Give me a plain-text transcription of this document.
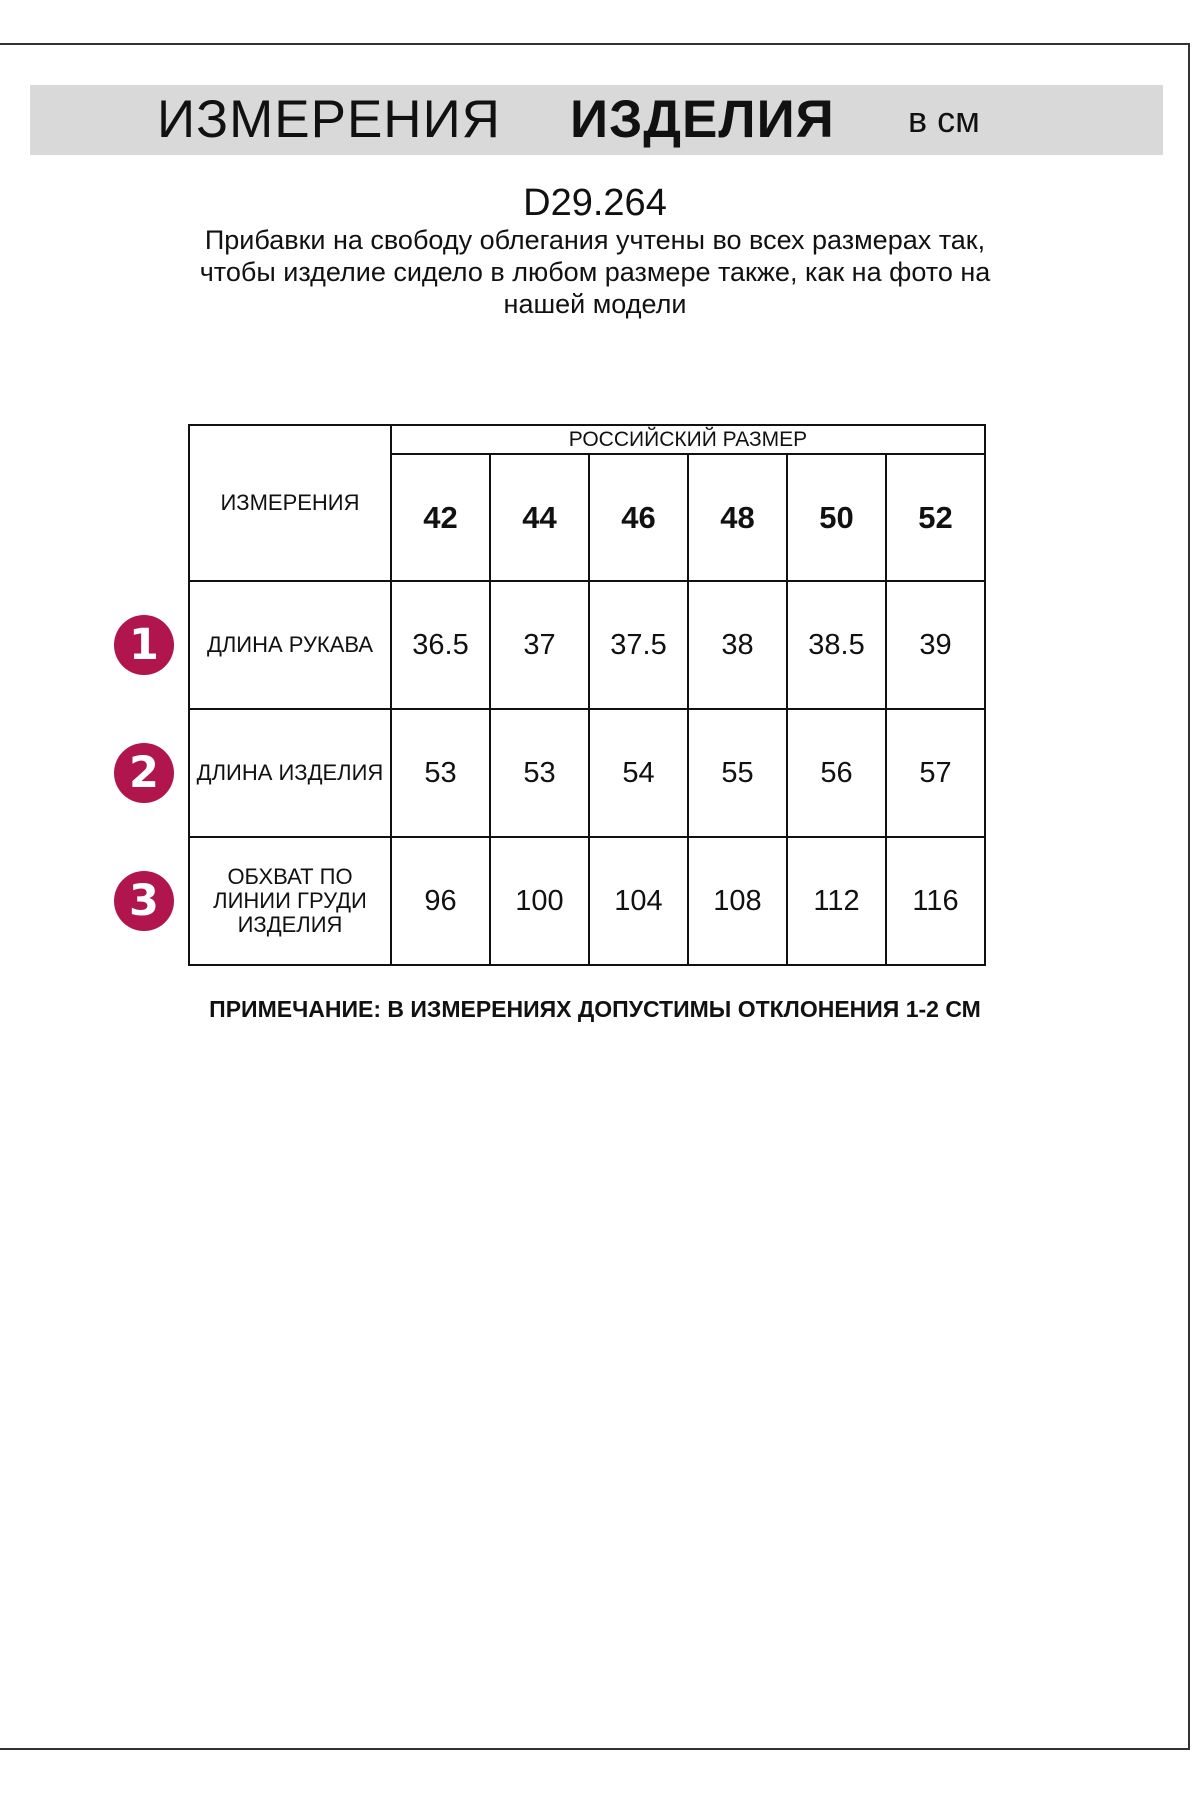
ИЗМЕРЕНИЯ ИЗДЕЛИЯ в см
D29.264
Прибавки на свободу облегания учтены во всех размерах так, чтобы изделие сидело в любом размере также, как на фото на нашей модели
ИЗМЕРЕНИЯ	РОССИЙСКИЙ РАЗМЕР					
	42	44	46	48	50	52
ДЛИНА РУКАВА	36.5	37	37.5	38	38.5	39
ДЛИНА ИЗДЕЛИЯ	53	53	54	55	56	57
ОБХВАТ ПО ЛИНИИ ГРУДИ ИЗДЕЛИЯ	96	100	104	108	112	116
1
2
3
ПРИМЕЧАНИЕ: В ИЗМЕРЕНИЯХ ДОПУСТИМЫ ОТКЛОНЕНИЯ 1-2 СМ
